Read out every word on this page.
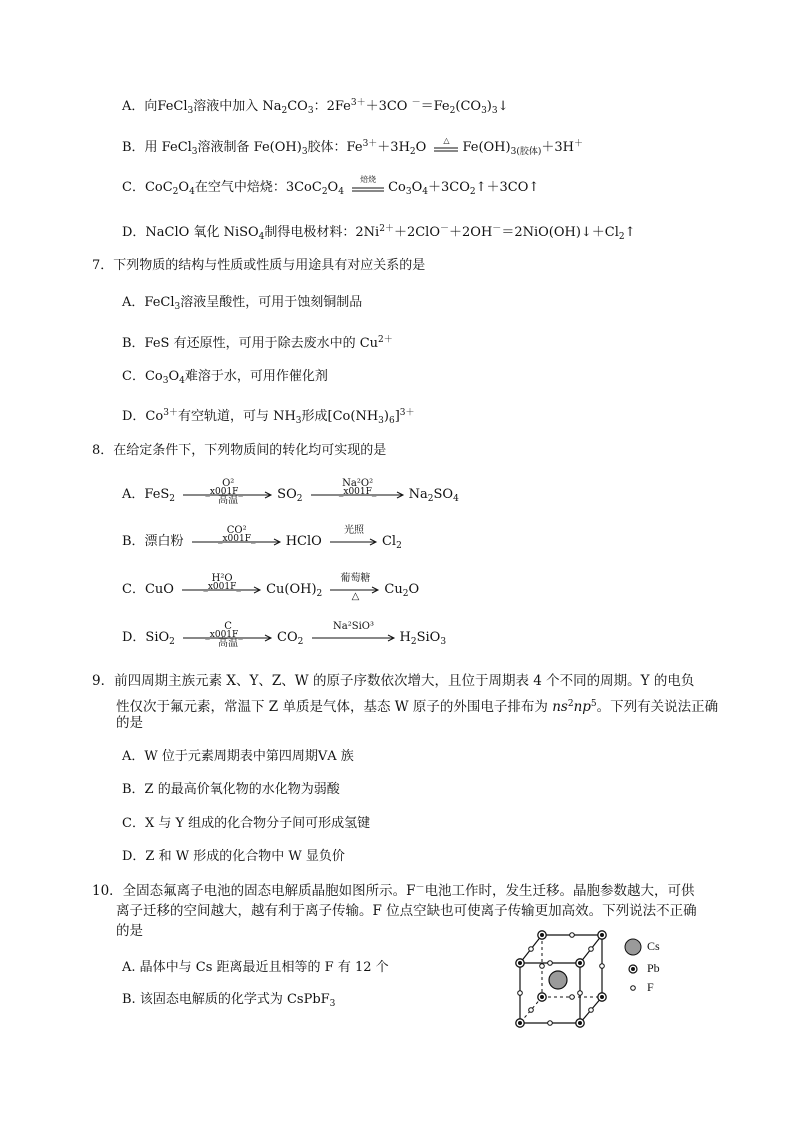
A．向FeCl$_3$溶液中加入 $Na_2CO_3$：$2Fe^{3+}+3CO$ $^-=Fe_2(CO_3)_3↓$
B．用 FeCl$_3$溶液制备 $Fe(OH)_3$胶体：$Fe^{3+}+3H_2O$	△ $Fe(OH)_{3(胶体)}+3H^+$
C．$CoC_2O_4$在空气中焙烧：$3CoC_2O_4$
焙烧
$Co_3O_4+3CO_2↑+3CO↑$
D．NaClO 氧化 NiSO$_4$制得电极材料：$2Ni^{2+}+2ClO^-+2OH^-=2NiO(OH)↓+Cl_2↑$
7．下列物质的结构与性质或性质与用途具有对应关系的是
A．FeCl$_3$溶液呈酸性，可用于蚀刻铜制品
B．FeS 有还原性，可用于除去废水中的 $Cu^{2+}$
C．$Co_3O_4$难溶于水，可用作催化剂
D．$Co^{3+}$有空轨道，可与 $NH_3$形成$[Co(NH_3)_6]^{3+}$
8．在给定条件下，下列物质间的转化均可实现的是
A．FeS$_2$
O²
_x001F_
高温	$SO_2$
Na²O²
_x001F_	$Na_2SO_4$
B．漂白粉
CO²
_x001F_	HClO
光照
$Cl_2$
C．CuO
H²O
_x001F_	$Cu(OH)_2$
葡萄糖
△	$Cu_2O$
D．SiO$_2$
C
_x001F_
高温	$CO_2$
Na²SiO³
$H_2SiO_3$
9．前四周期主族元素 X、Y、Z、W 的原子序数依次增大，且位于周期表 4 个不同的周期。Y 的电负
性仅次于氟元素，常温下 Z 单质是气体，基态 W 原子的外围电子排布为 $ns^2np^5$。下列有关说法正确
的是
A．W 位于元素周期表中第四周期ⅤA 族
B．Z 的最高价氧化物的水化物为弱酸
C．X 与 Y 组成的化合物分子间可形成氢键
D．Z 和 W 形成的化合物中 W 显负价
10．全固态氟离子电池的固态电解质晶胞如图所示。F－电池工作时，发生迁移。晶胞参数越大，可供
离子迁移的空间越大，越有利于离子传输。F 位点空缺也可使离子传输更加高效。下列说法不正确
的是
A. 晶体中与 Cs 距离最近且相等的 F 有 12 个
B. 该固态电解质的化学式为 CsPbF$_3$
Cs
Pb
F
